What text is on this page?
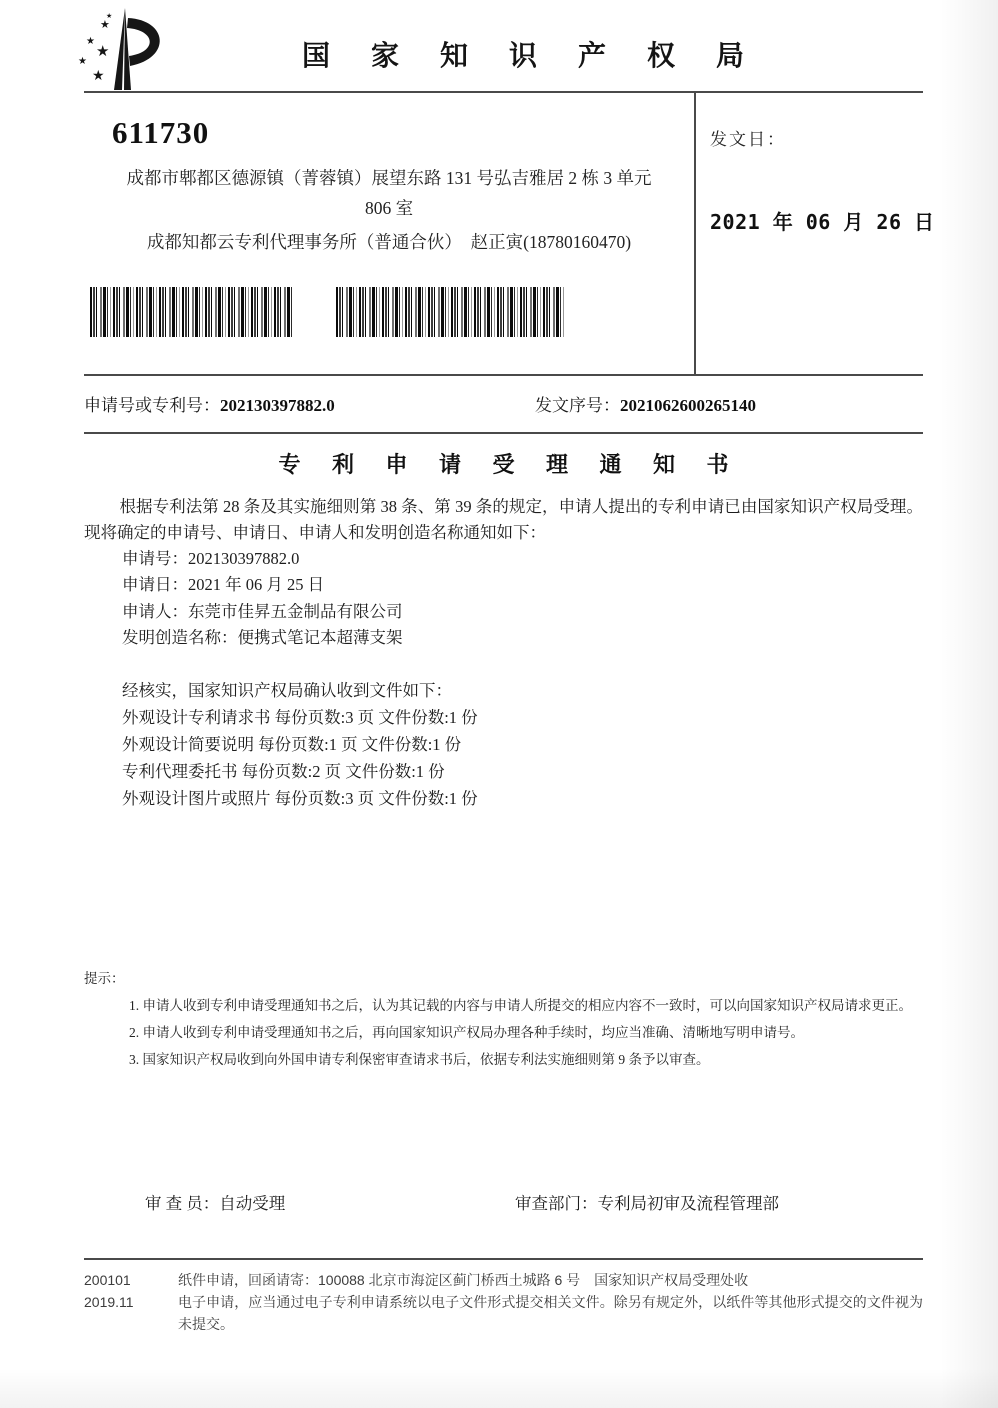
★
★
★
★
★
★
国 家 知 识 产 权 局
611730
成都市郫都区德源镇（菁蓉镇）展望东路 131 号弘吉雅居 2 栋 3 单元
806 室
成都知都云专利代理事务所（普通合伙）　赵正寅(18780160470)
发文日：
2021 年 06 月 26 日
申请号或专利号：202130397882.0	发文序号：2021062600265140
专 利 申 请 受 理 通 知 书

根据专利法第 28 条及其实施细则第 38 条、第 39 条的规定，申请人提出的专利申请已由国家知识产权局受理。现将确定的申请号、申请日、申请人和发明创造名称通知如下：

申请号：202130397882.0
申请日：2021 年 06 月 25 日
申请人：东莞市佳昇五金制品有限公司
发明创造名称：便携式笔记本超薄支架
经核实，国家知识产权局确认收到文件如下：
外观设计专利请求书 每份页数:3 页 文件份数:1 份
外观设计简要说明 每份页数:1 页 文件份数:1 份
专利代理委托书 每份页数:2 页 文件份数:1 份
外观设计图片或照片 每份页数:3 页 文件份数:1 份
提示：
1. 申请人收到专利申请受理通知书之后，认为其记载的内容与申请人所提交的相应内容不一致时，可以向国家知识产权局请求更正。
2. 申请人收到专利申请受理通知书之后，再向国家知识产权局办理各种手续时，均应当准确、清晰地写明申请号。
3. 国家知识产权局收到向外国申请专利保密审查请求书后，依据专利法实施细则第 9 条予以审查。
审 查 员：自动受理	审查部门：专利局初审及流程管理部
200101
2019.11
纸件申请，回函请寄：100088 北京市海淀区蓟门桥西土城路 6 号　国家知识产权局受理处收
电子申请，应当通过电子专利申请系统以电子文件形式提交相关文件。除另有规定外，以纸件等其他形式提交的文件视为未提交。
